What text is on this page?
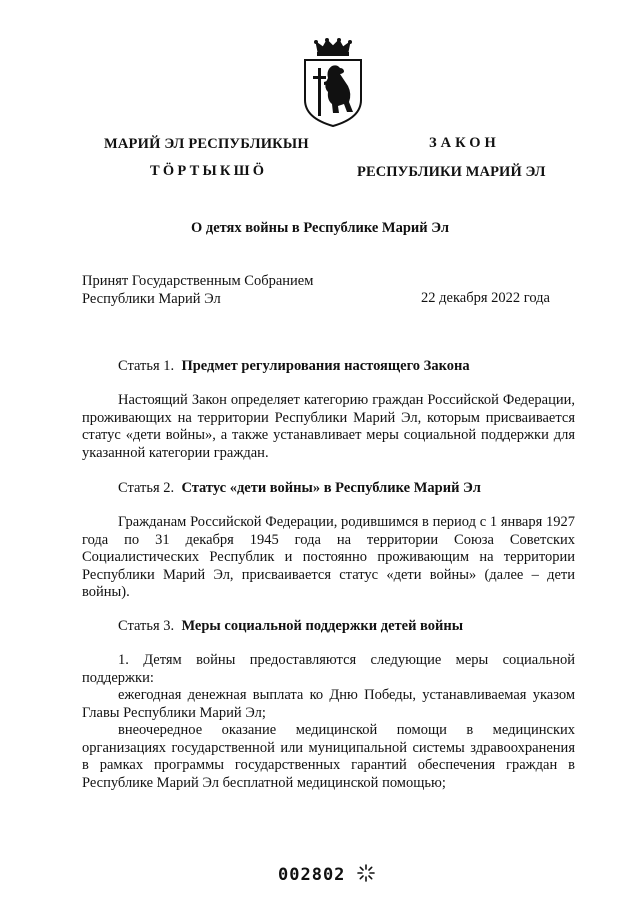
МАРИЙ ЭЛ РЕСПУБЛИКЫН
ТӦРТЫКШӦ
ЗАКОН
РЕСПУБЛИКИ МАРИЙ ЭЛ
О детях войны в Республике Марий Эл
Принят Государственным Собранием
Республики Марий Эл	22 декабря 2022 года
Статья 1. Предмет регулирования настоящего Закона
Настоящий Закон определяет категорию граждан Российской Федерации, проживающих на территории Республики Марий Эл, которым присваивается статус «дети войны», а также устанавливает меры социальной поддержки для указанной категории граждан.
Статья 2. Статус «дети войны» в Республике Марий Эл
Гражданам Российской Федерации, родившимся в период с 1 января 1927 года по 31 декабря 1945 года на территории Союза Советских Социалистических Республик и постоянно проживающим на территории Республики Марий Эл, присваивается статус «дети войны» (далее – дети войны).
Статья 3. Меры социальной поддержки детей войны
1. Детям войны предоставляются следующие меры социальной поддержки:
ежегодная денежная выплата ко Дню Победы, устанавливаемая указом Главы Республики Марий Эл;
внеочередное оказание медицинской помощи в медицинских организациях государственной или муниципальной системы здравоохранения в рамках программы государственных гарантий обеспечения граждан в Республике Марий Эл бесплатной медицинской помощью;
002802
